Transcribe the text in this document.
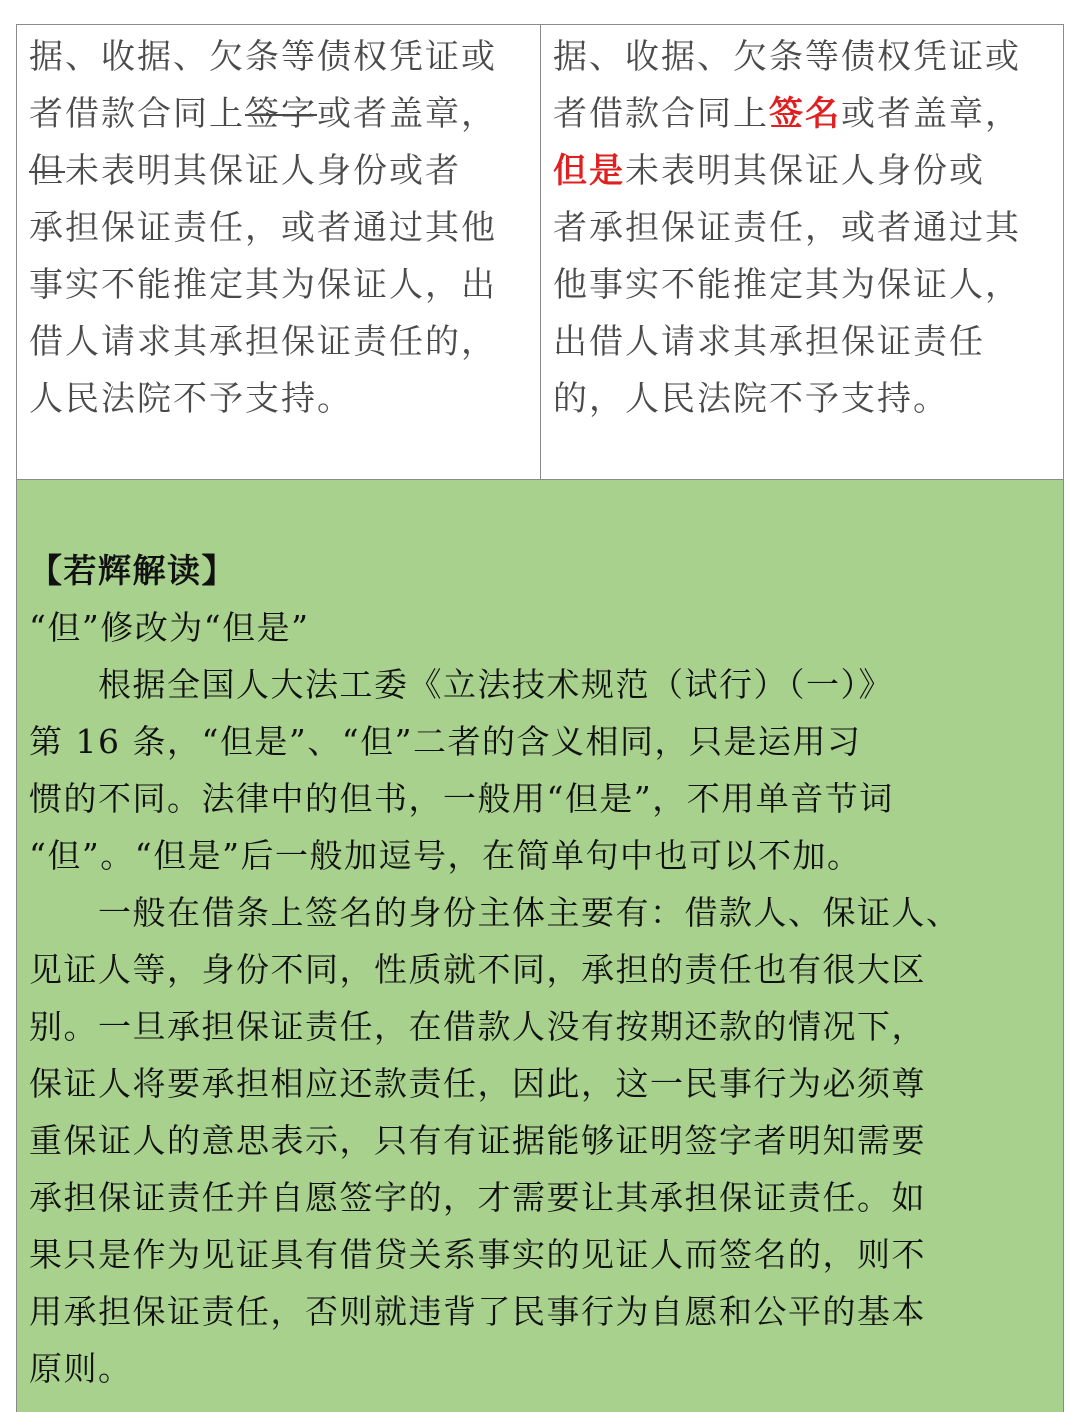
据、收据、欠条等债权凭证或
者借款合同上签字或者盖章，
但未表明其保证人身份或者
承担保证责任，或者通过其他
事实不能推定其为保证人，出
借人请求其承担保证责任的，
人民法院不予支持。
据、收据、欠条等债权凭证或
者借款合同上签名或者盖章，
但是未表明其保证人身份或
者承担保证责任，或者通过其
他事实不能推定其为保证人，
出借人请求其承担保证责任
的，人民法院不予支持。
【若辉解读】
“但”修改为“但是”
　　根据全国人大法工委《立法技术规范（试行）（一）》
第 16 条，“但是”、“但”二者的含义相同，只是运用习
惯的不同。法律中的但书，一般用“但是”，不用单音节词
“但”。“但是”后一般加逗号，在简单句中也可以不加。
　　一般在借条上签名的身份主体主要有：借款人、保证人、
见证人等，身份不同，性质就不同，承担的责任也有很大区
别。一旦承担保证责任，在借款人没有按期还款的情况下，
保证人将要承担相应还款责任，因此，这一民事行为必须尊
重保证人的意思表示，只有有证据能够证明签字者明知需要
承担保证责任并自愿签字的，才需要让其承担保证责任。如
果只是作为见证具有借贷关系事实的见证人而签名的，则不
用承担保证责任，否则就违背了民事行为自愿和公平的基本
原则。
